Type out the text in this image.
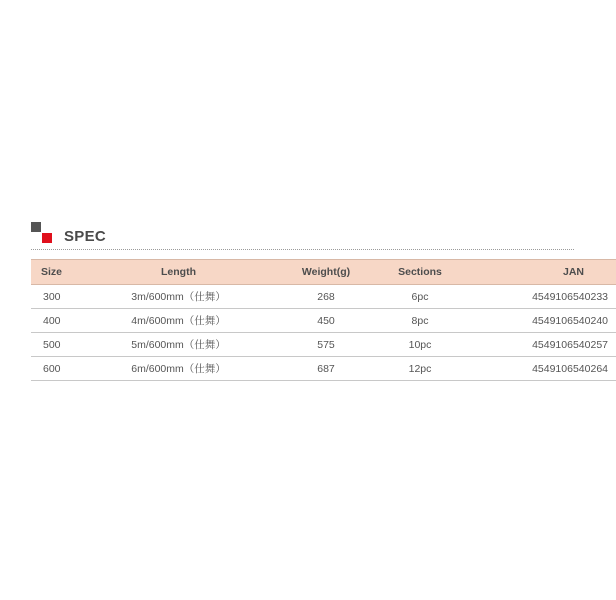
SPEC
Size	Length	Weight(g)	Sections	JAN
300	3m/600mm（仕舞）	268	6pc	4549106540233
400	4m/600mm（仕舞）	450	8pc	4549106540240
500	5m/600mm（仕舞）	575	10pc	4549106540257
600	6m/600mm（仕舞）	687	12pc	4549106540264
